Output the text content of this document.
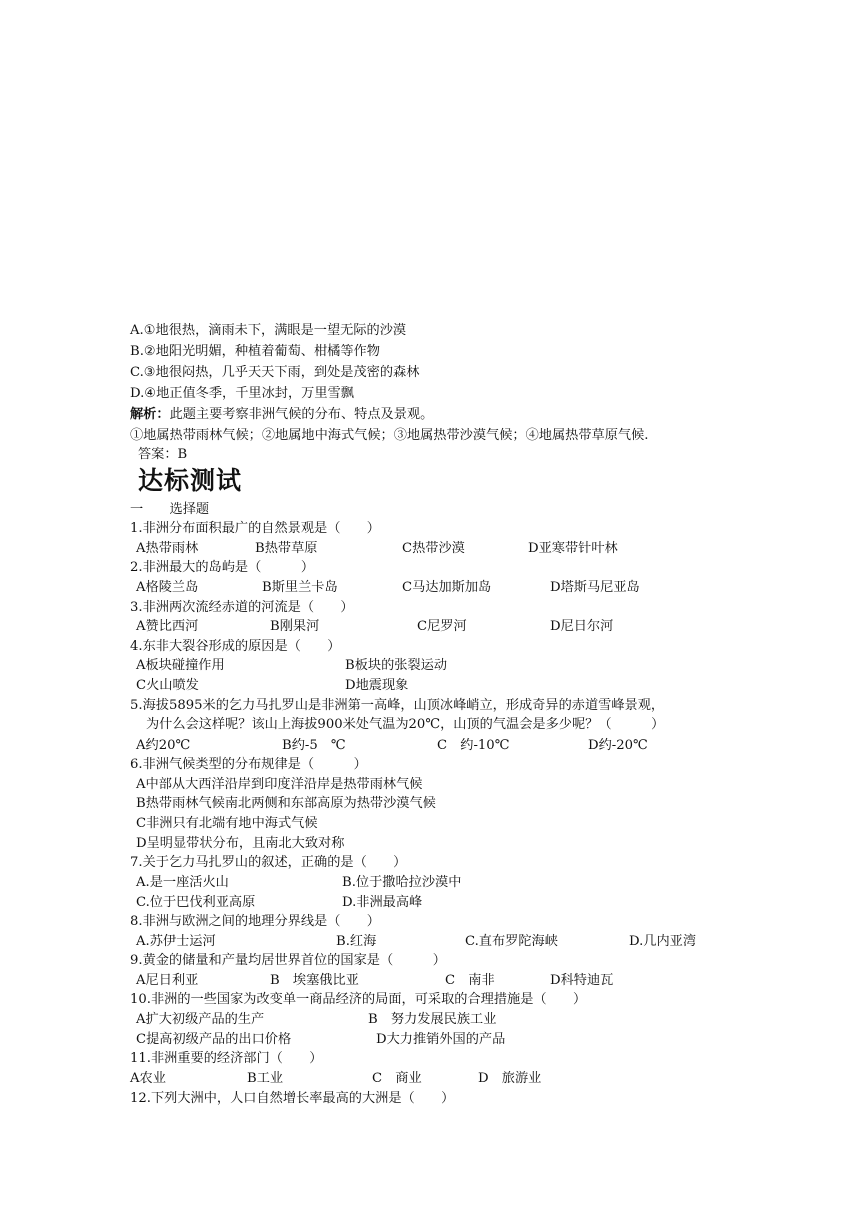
A.①地很热，滴雨未下，满眼是一望无际的沙漠
B.②地阳光明媚，种植着葡萄、柑橘等作物
C.③地很闷热，几乎天天下雨，到处是茂密的森林
D.④地正值冬季，千里冰封，万里雪飘
解析：此题主要考察非洲气候的分布、特点及景观。
①地属热带雨林气候；②地属地中海式气候；③地属热带沙漠气候；④地属热带草原气候.
答案：B
达标测试
一　　选择题
1.非洲分布面积最广的自然景观是（　　）
A热带雨林	B热带草原	C热带沙漠	D亚寒带针叶林
2.非洲最大的岛屿是（　　　）
A格陵兰岛	B斯里兰卡岛	C马达加斯加岛	D塔斯马尼亚岛
3.非洲两次流经赤道的河流是（　　）
A赞比西河	B刚果河	C尼罗河	D尼日尔河
4.东非大裂谷形成的原因是（　　）
A板块碰撞作用	B板块的张裂运动
C火山喷发	D地震现象
5.海拔5895米的乞力马扎罗山是非洲第一高峰，山顶冰峰峭立，形成奇异的赤道雪峰景观，
为什么会这样呢？该山上海拔900米处气温为20℃，山顶的气温会是多少呢？（　　　）
A约20℃	B约-5　℃	C　约-10℃	D约-20℃
6.非洲气候类型的分布规律是（　　　）
A中部从大西洋沿岸到印度洋沿岸是热带雨林气候
B热带雨林气候南北两侧和东部高原为热带沙漠气候
C非洲只有北端有地中海式气候
D呈明显带状分布，且南北大致对称
7.关于乞力马扎罗山的叙述，正确的是（　　）
A.是一座活火山	B.位于撒哈拉沙漠中
C.位于巴伐利亚高原	D.非洲最高峰
8.非洲与欧洲之间的地理分界线是（　　）
A.苏伊士运河	B.红海	C.直布罗陀海峡	D.几内亚湾
9.黄金的储量和产量均居世界首位的国家是（　　　）
A尼日利亚	B　埃塞俄比亚	C　南非	D科特迪瓦
10.非洲的一些国家为改变单一商品经济的局面，可采取的合理措施是（　　）
A扩大初级产品的生产	B　努力发展民族工业
C提高初级产品的出口价格	D大力推销外国的产品
11.非洲重要的经济部门（　　）
A农业	B工业	C　商业	D　旅游业
12.下列大洲中，人口自然增长率最高的大洲是（　　）
